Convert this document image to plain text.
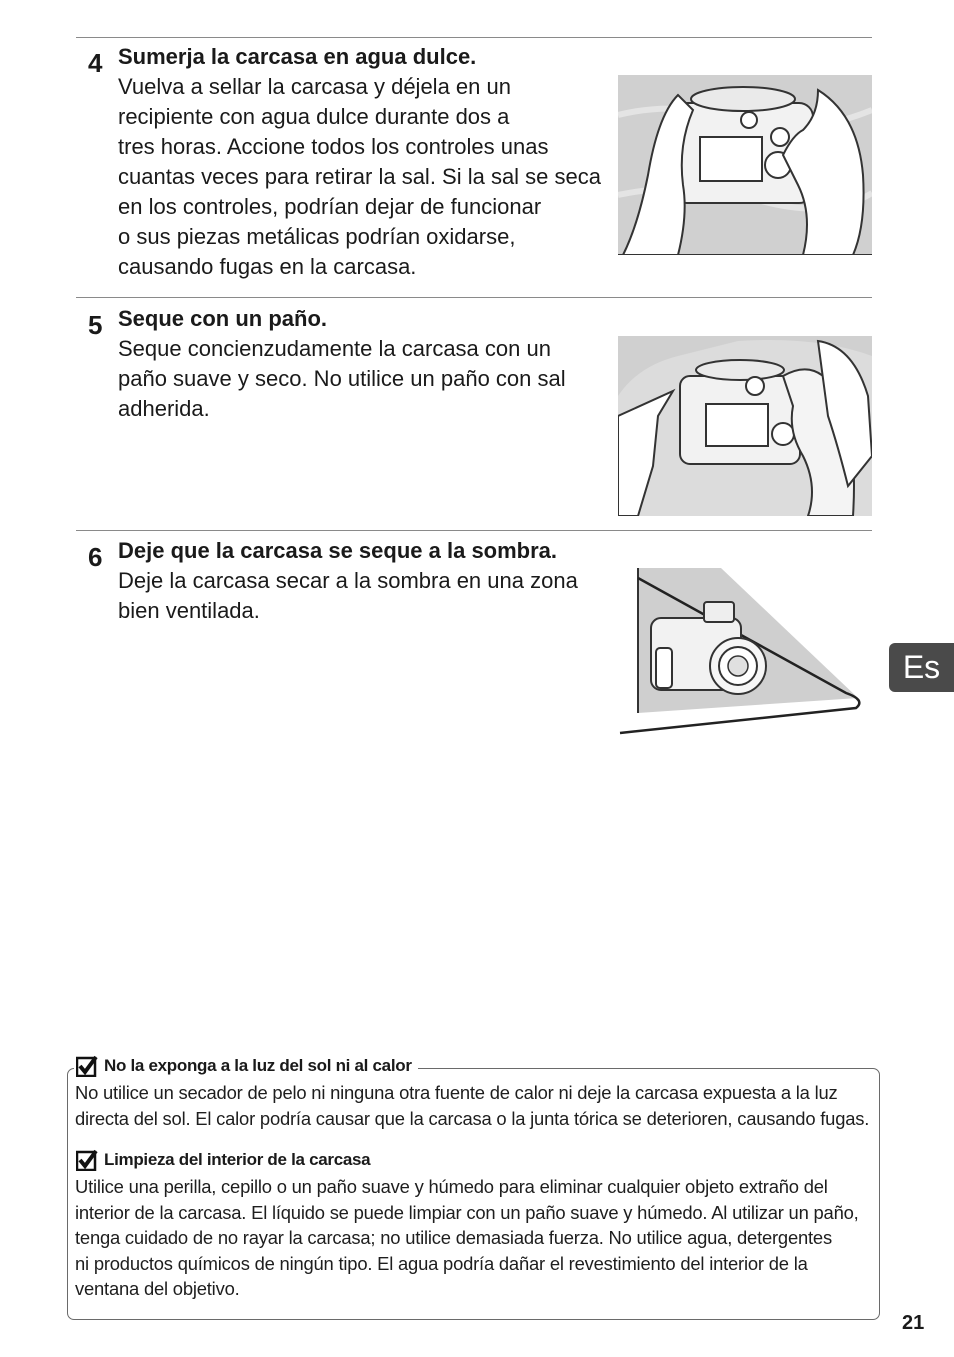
4 Sumerja la carcasa en agua dulce.
Vuelva a sellar la carcasa y déjela en un
recipiente con agua dulce durante dos a
tres horas. Accione todos los controles unas
cuantas veces para retirar la sal. Si la sal se seca
en los controles, podrían dejar de funcionar
o sus piezas metálicas podrían oxidarse,
causando fugas en la carcasa.
5 Seque con un paño.
Seque concienzudamente la carcasa con un
paño suave y seco. No utilice un paño con sal
adherida.
6 Deje que la carcasa se seque a la sombra.
Deje la carcasa secar a la sombra en una zona
bien ventilada.
Es
No la exponga a la luz del sol ni al calor
No utilice un secador de pelo ni ninguna otra fuente de calor ni deje la carcasa expuesta a la luz
directa del sol. El calor podría causar que la carcasa o la junta tórica se deterioren, causando fugas.
Limpieza del interior de la carcasa
Utilice una perilla, cepillo o un paño suave y húmedo para eliminar cualquier objeto extraño del
interior de la carcasa. El líquido se puede limpiar con un paño suave y húmedo. Al utilizar un paño,
tenga cuidado de no rayar la carcasa; no utilice demasiada fuerza. No utilice agua, detergentes
ni productos químicos de ningún tipo. El agua podría dañar el revestimiento del interior de la
ventana del objetivo.
21
